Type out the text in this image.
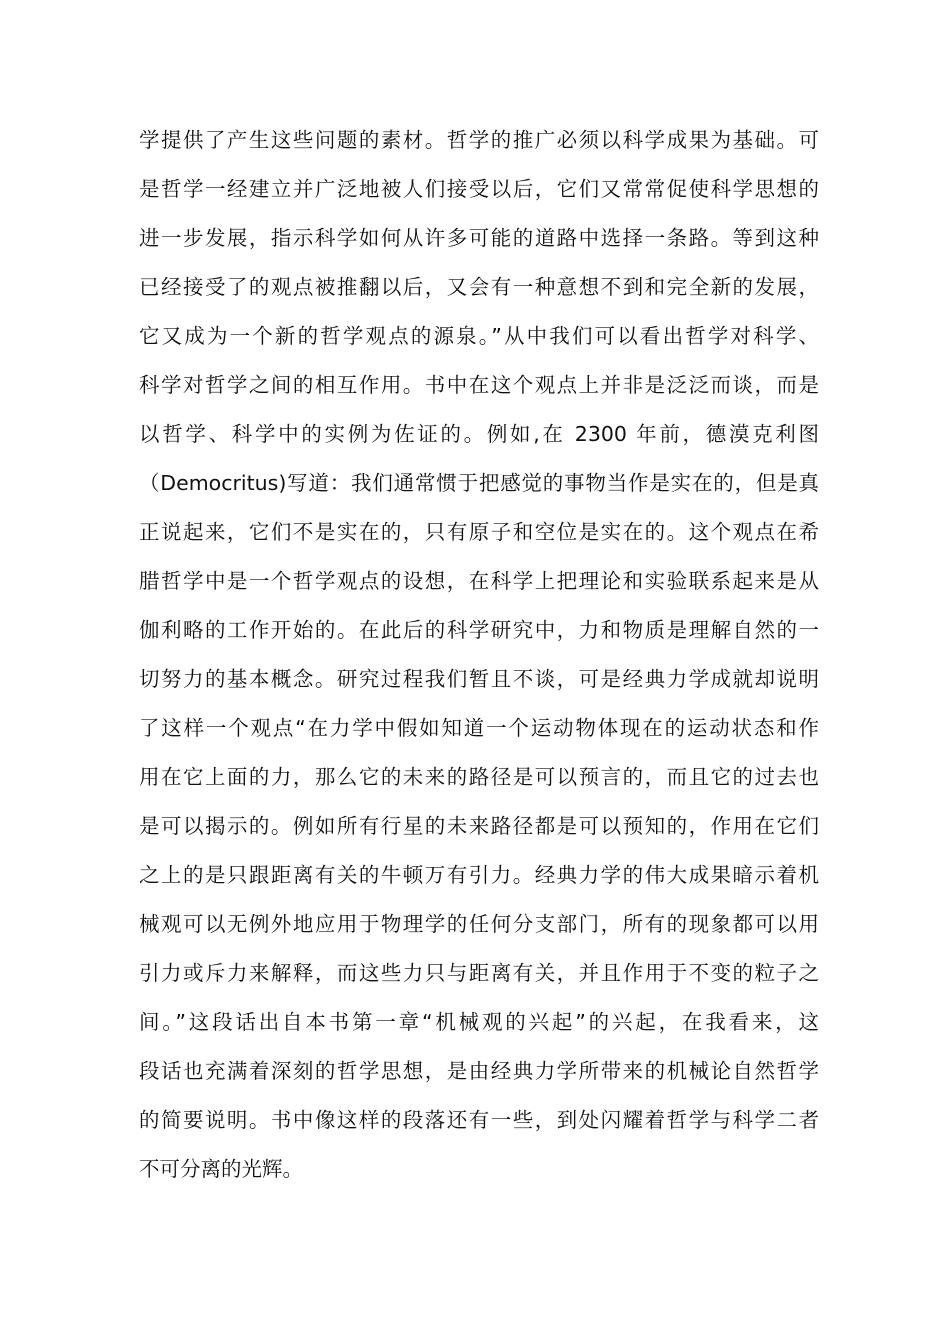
学提供了产生这些问题的素材。哲学的推广必须以科学成果为基础。可
是哲学一经建立并广泛地被人们接受以后，它们又常常促使科学思想的
进一步发展，指示科学如何从许多可能的道路中选择一条路。等到这种
已经接受了的观点被推翻以后，又会有一种意想不到和完全新的发展，
它又成为一个新的哲学观点的源泉。”从中我们可以看出哲学对科学、
科学对哲学之间的相互作用。书中在这个观点上并非是泛泛而谈，而是
以哲学、科学中的实例为佐证的。例如,在 2300 年前，德漠克利图
（Democritus)写道：我们通常惯于把感觉的事物当作是实在的，但是真
正说起来，它们不是实在的，只有原子和空位是实在的。这个观点在希
腊哲学中是一个哲学观点的设想，在科学上把理论和实验联系起来是从
伽利略的工作开始的。在此后的科学研究中，力和物质是理解自然的一
切努力的基本概念。研究过程我们暂且不谈，可是经典力学成就却说明
了这样一个观点“在力学中假如知道一个运动物体现在的运动状态和作
用在它上面的力，那么它的未来的路径是可以预言的，而且它的过去也
是可以揭示的。例如所有行星的未来路径都是可以预知的，作用在它们
之上的是只跟距离有关的牛顿万有引力。经典力学的伟大成果暗示着机
械观可以无例外地应用于物理学的任何分支部门，所有的现象都可以用
引力或斥力来解释，而这些力只与距离有关，并且作用于不变的粒子之
间。”这段话出自本书第一章“机械观的兴起”的兴起，在我看来，这
段话也充满着深刻的哲学思想，是由经典力学所带来的机械论自然哲学
的简要说明。书中像这样的段落还有一些，到处闪耀着哲学与科学二者
不可分离的光辉。
